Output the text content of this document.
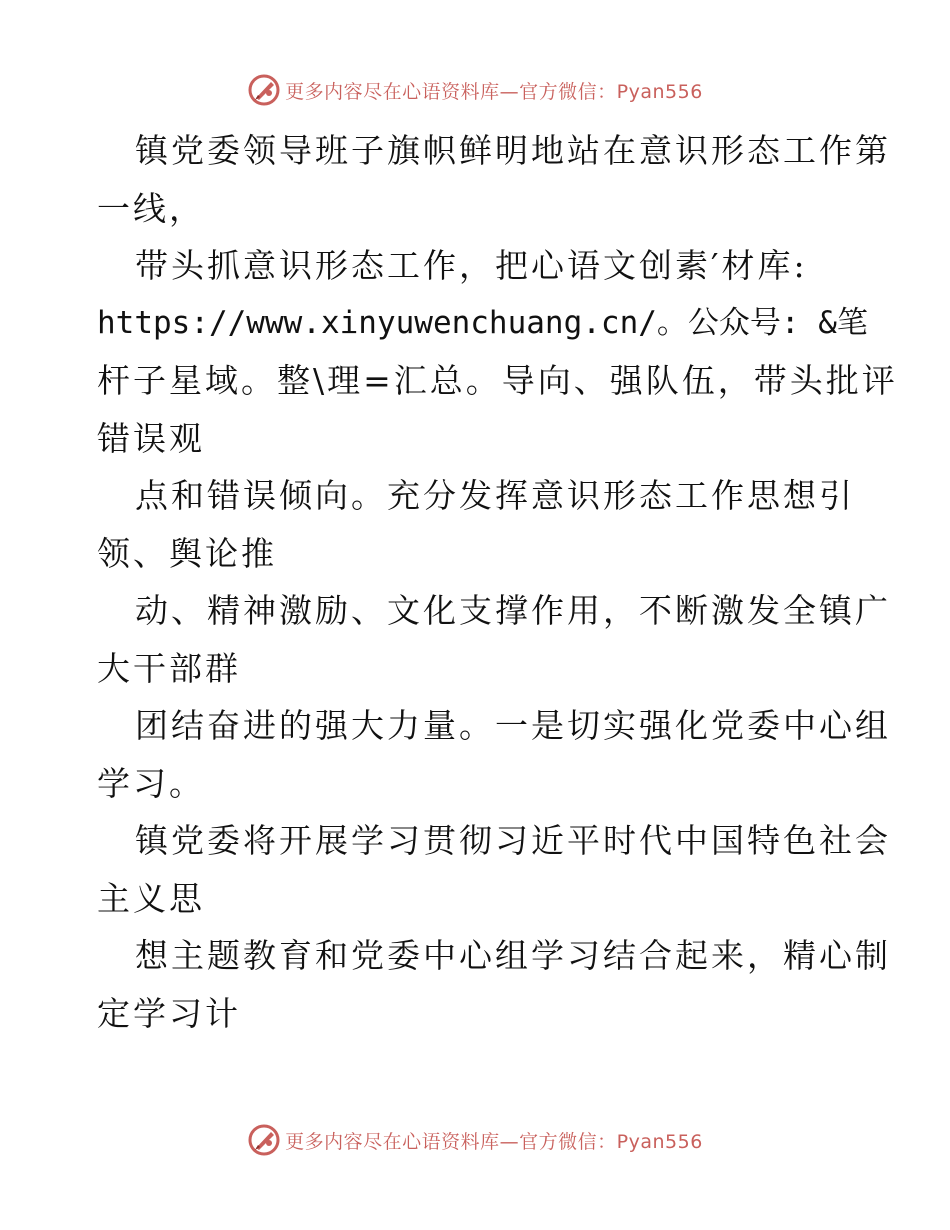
更多内容尽在心语资料库—官方微信：Pyan556
镇党委领导班子旗帜鲜明地站在意识形态工作第
一线，
带头抓意识形态工作，把心语文创素′材库:
https://www.xinyuwenchuang.cn/。公众号: &笔
杆子星域。整\理=汇总。导向、强队伍，带头批评
错误观
点和错误倾向。充分发挥意识形态工作思想引
领、舆论推
动、精神激励、文化支撑作用，不断激发全镇广
大干部群
团结奋进的强大力量。一是切实强化党委中心组
学习。
镇党委将开展学习贯彻习近平时代中国特色社会
主义思
想主题教育和党委中心组学习结合起来，精心制
定学习计
更多内容尽在心语资料库—官方微信：Pyan556
